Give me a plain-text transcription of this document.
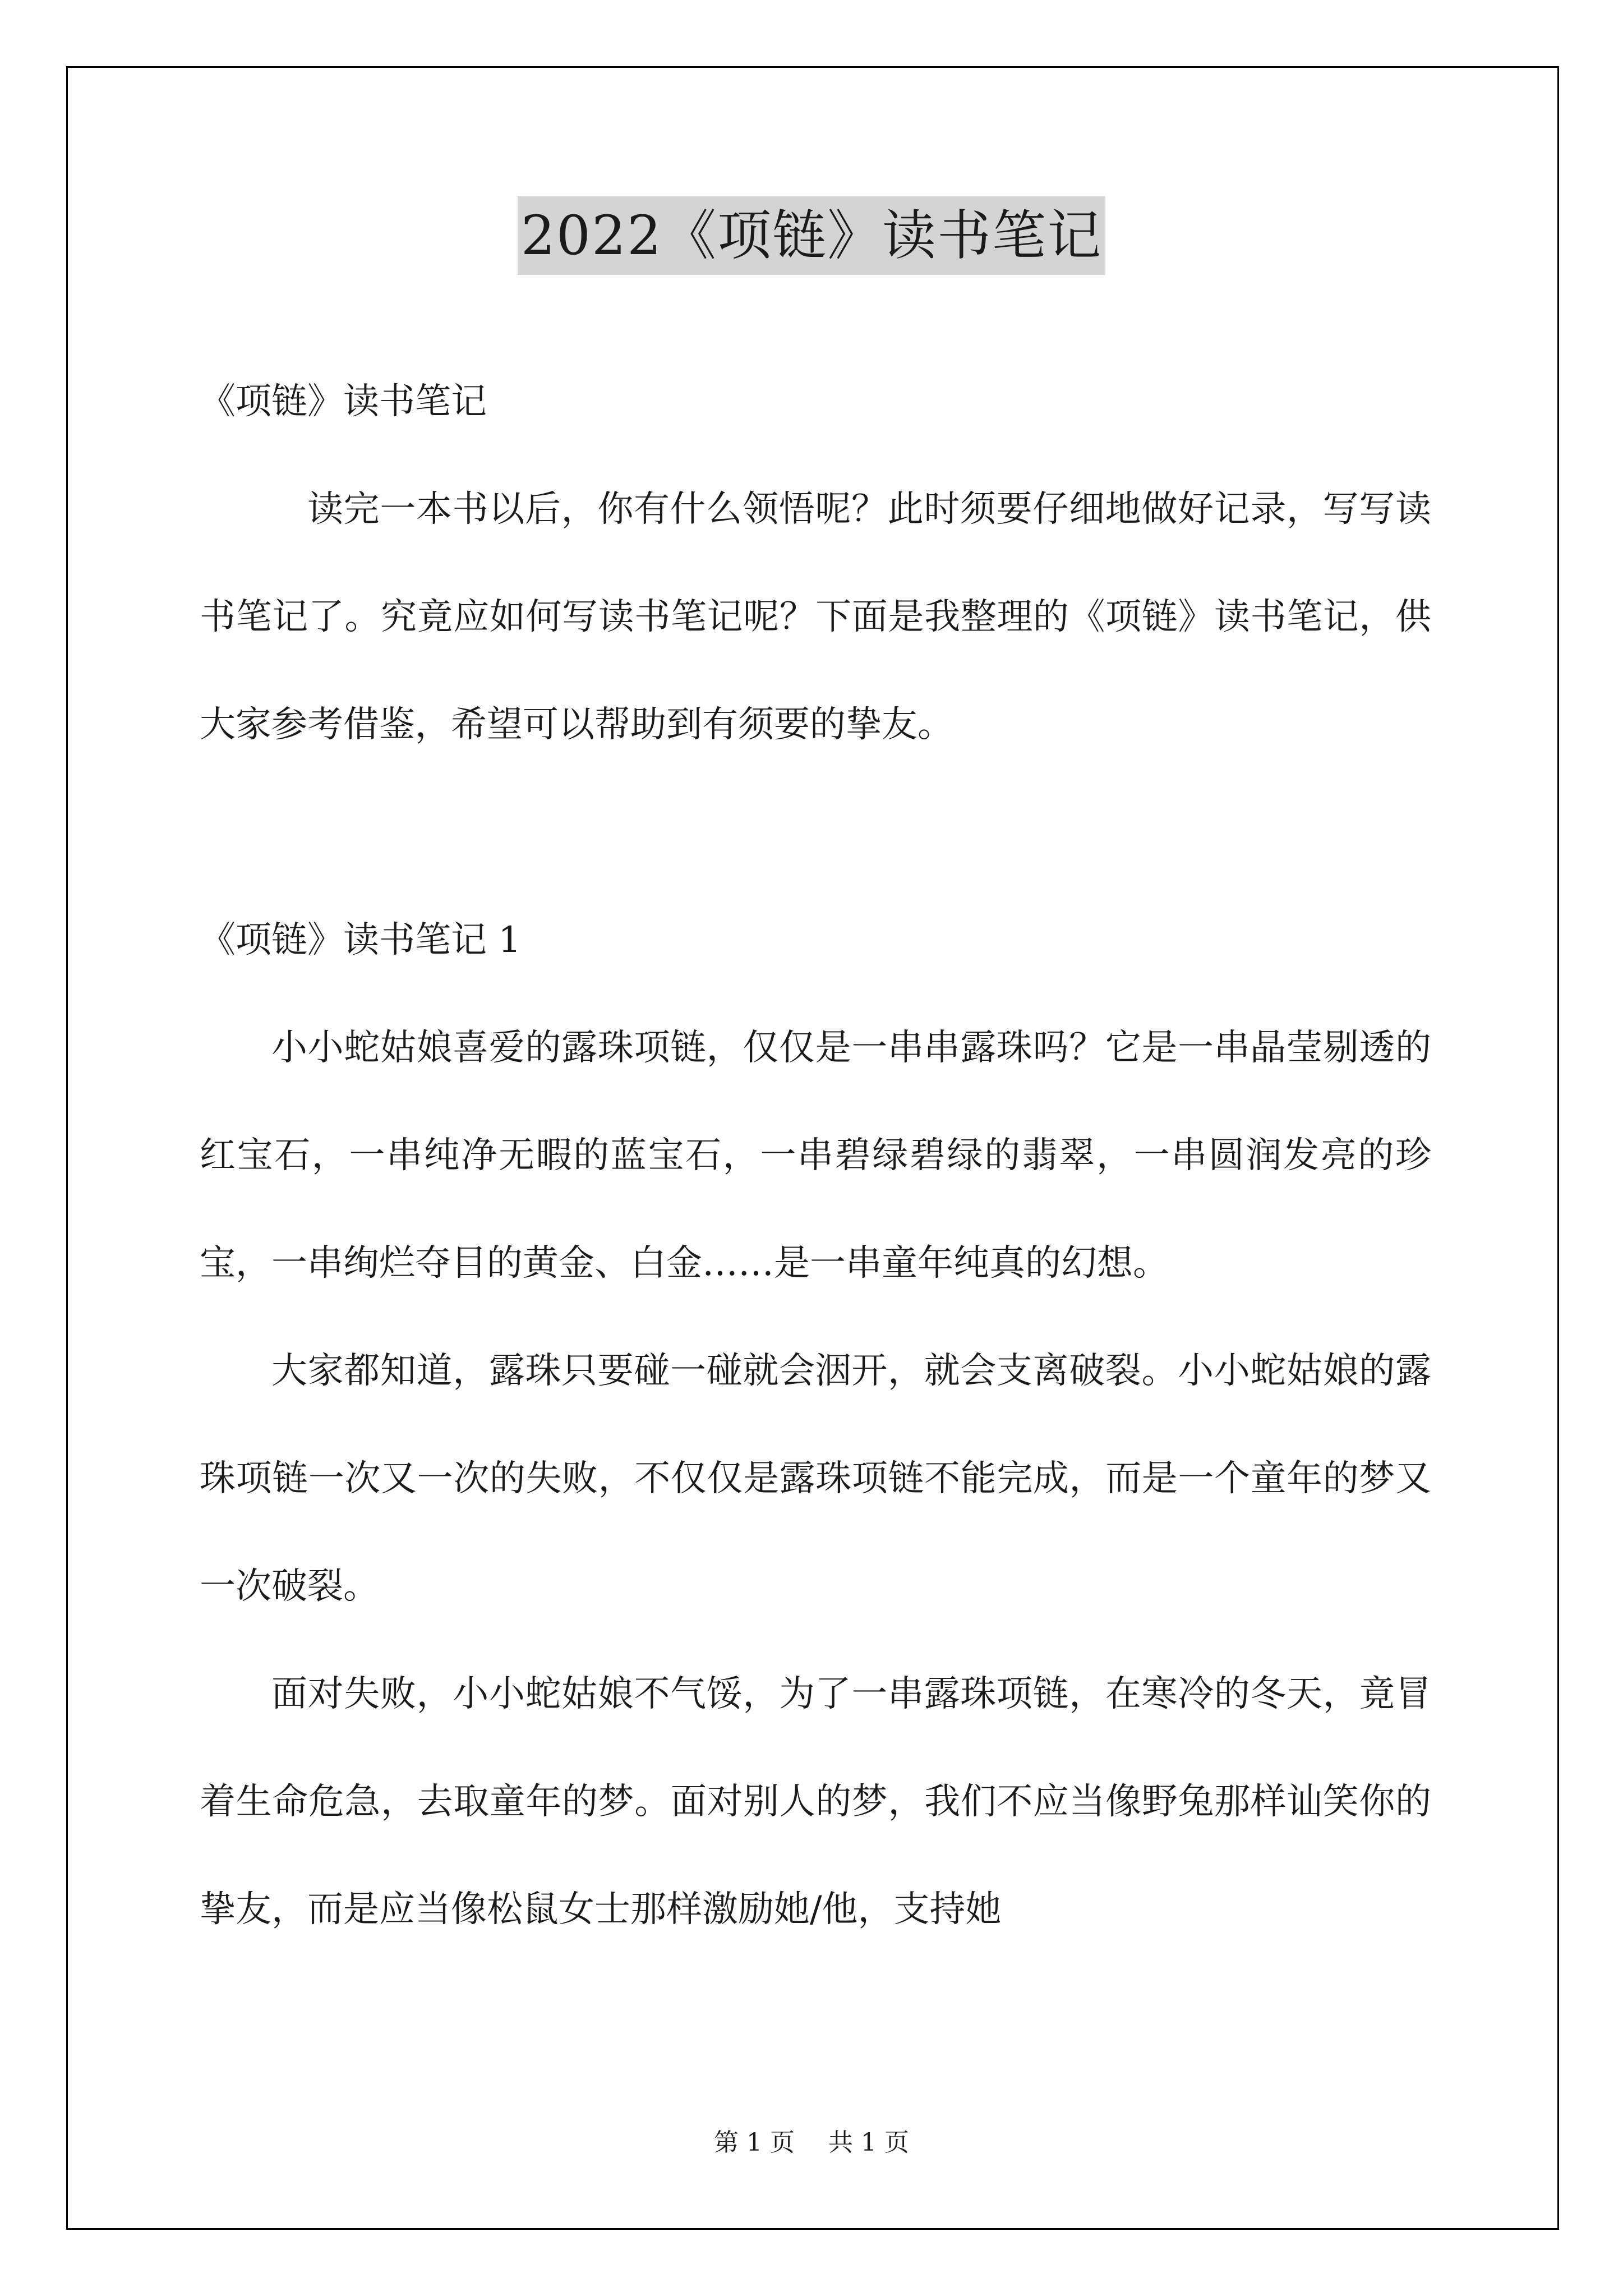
2022《项链》读书笔记

《项链》读书笔记

读完一本书以后，你有什么领悟呢？此时须要仔细地做好记录，写写读书笔记了。究竟应如何写读书笔记呢？下面是我整理的《项链》读书笔记，供大家参考借鉴，希望可以帮助到有须要的挚友。

《项链》读书笔记 1

小小蛇姑娘喜爱的露珠项链，仅仅是一串串露珠吗？它是一串晶莹剔透的红宝石，一串纯净无暇的蓝宝石，一串碧绿碧绿的翡翠，一串圆润发亮的珍宝，一串绚烂夺目的黄金、白金……是一串童年纯真的幻想。

大家都知道，露珠只要碰一碰就会洇开，就会支离破裂。小小蛇姑娘的露珠项链一次又一次的失败，不仅仅是露珠项链不能完成，而是一个童年的梦又一次破裂。

面对失败，小小蛇姑娘不气馁，为了一串露珠项链，在寒冷的冬天，竟冒着生命危急，去取童年的梦。面对别人的梦，我们不应当像野兔那样讪笑你的挚友，而是应当像松鼠女士那样激励她/他，支持她

第 1 页 共 1 页
